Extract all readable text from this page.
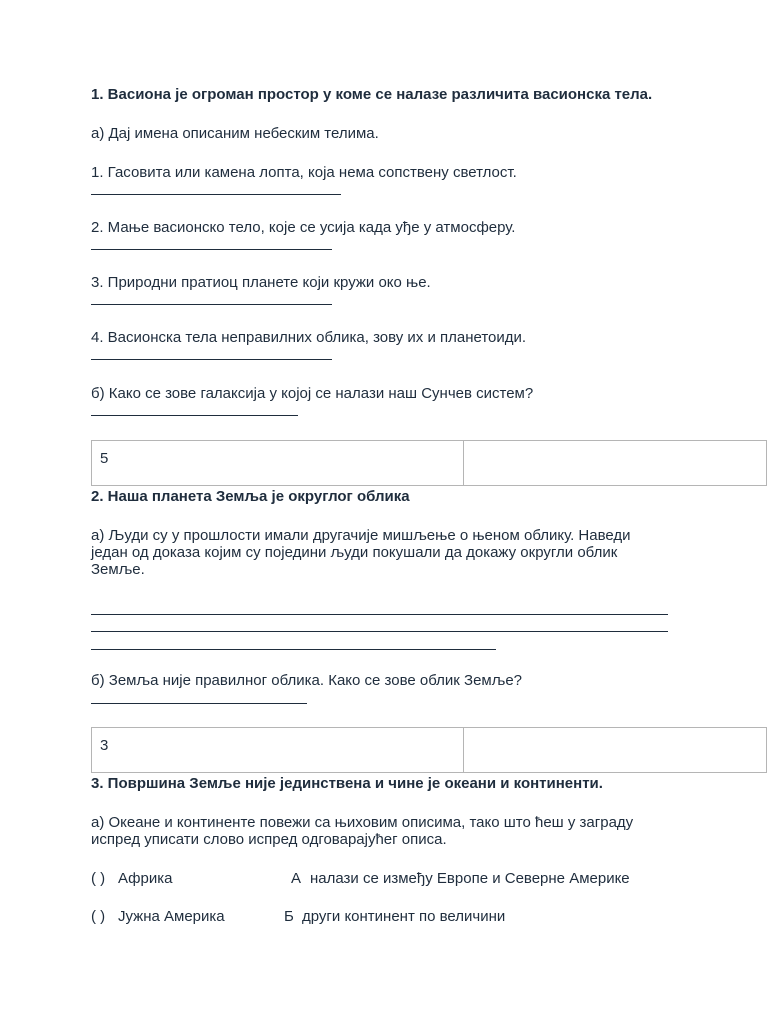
1. Васиона је огроман простор у коме се налазе различита васионска тела.
а) Дај имена описаним небеским телима.
1. Гасовита или камена лопта, која нема сопствену светлост.
2. Мање васионско тело, које се усија када уђе у атмосферу.
3. Природни пратиоц планете који кружи око ње.
4. Васионска тела неправилних облика, зову их и планетоиди.
б) Како се зове галаксија у којој се налази наш Сунчев систем?
5
2. Наша планета Земља је округлог облика
а) Људи су у прошлости имали другачије мишљење о њеном облику. Наведи
један од доказа којим су поједини људи покушали да докажу округли облик
Земље.
б) Земља није правилног облика. Како се зове облик Земље?
3
3. Површина Земље није јединствена и чине је океани и континенти.
а) Океане и континенте повежи са њиховим описима, тако што ћеш у заграду
испред уписати слово испред одговарајућег описа.
( ) Африка	А налази се између Европе и Северне Америке
( ) Јужна Америка	Б други континент по величини
